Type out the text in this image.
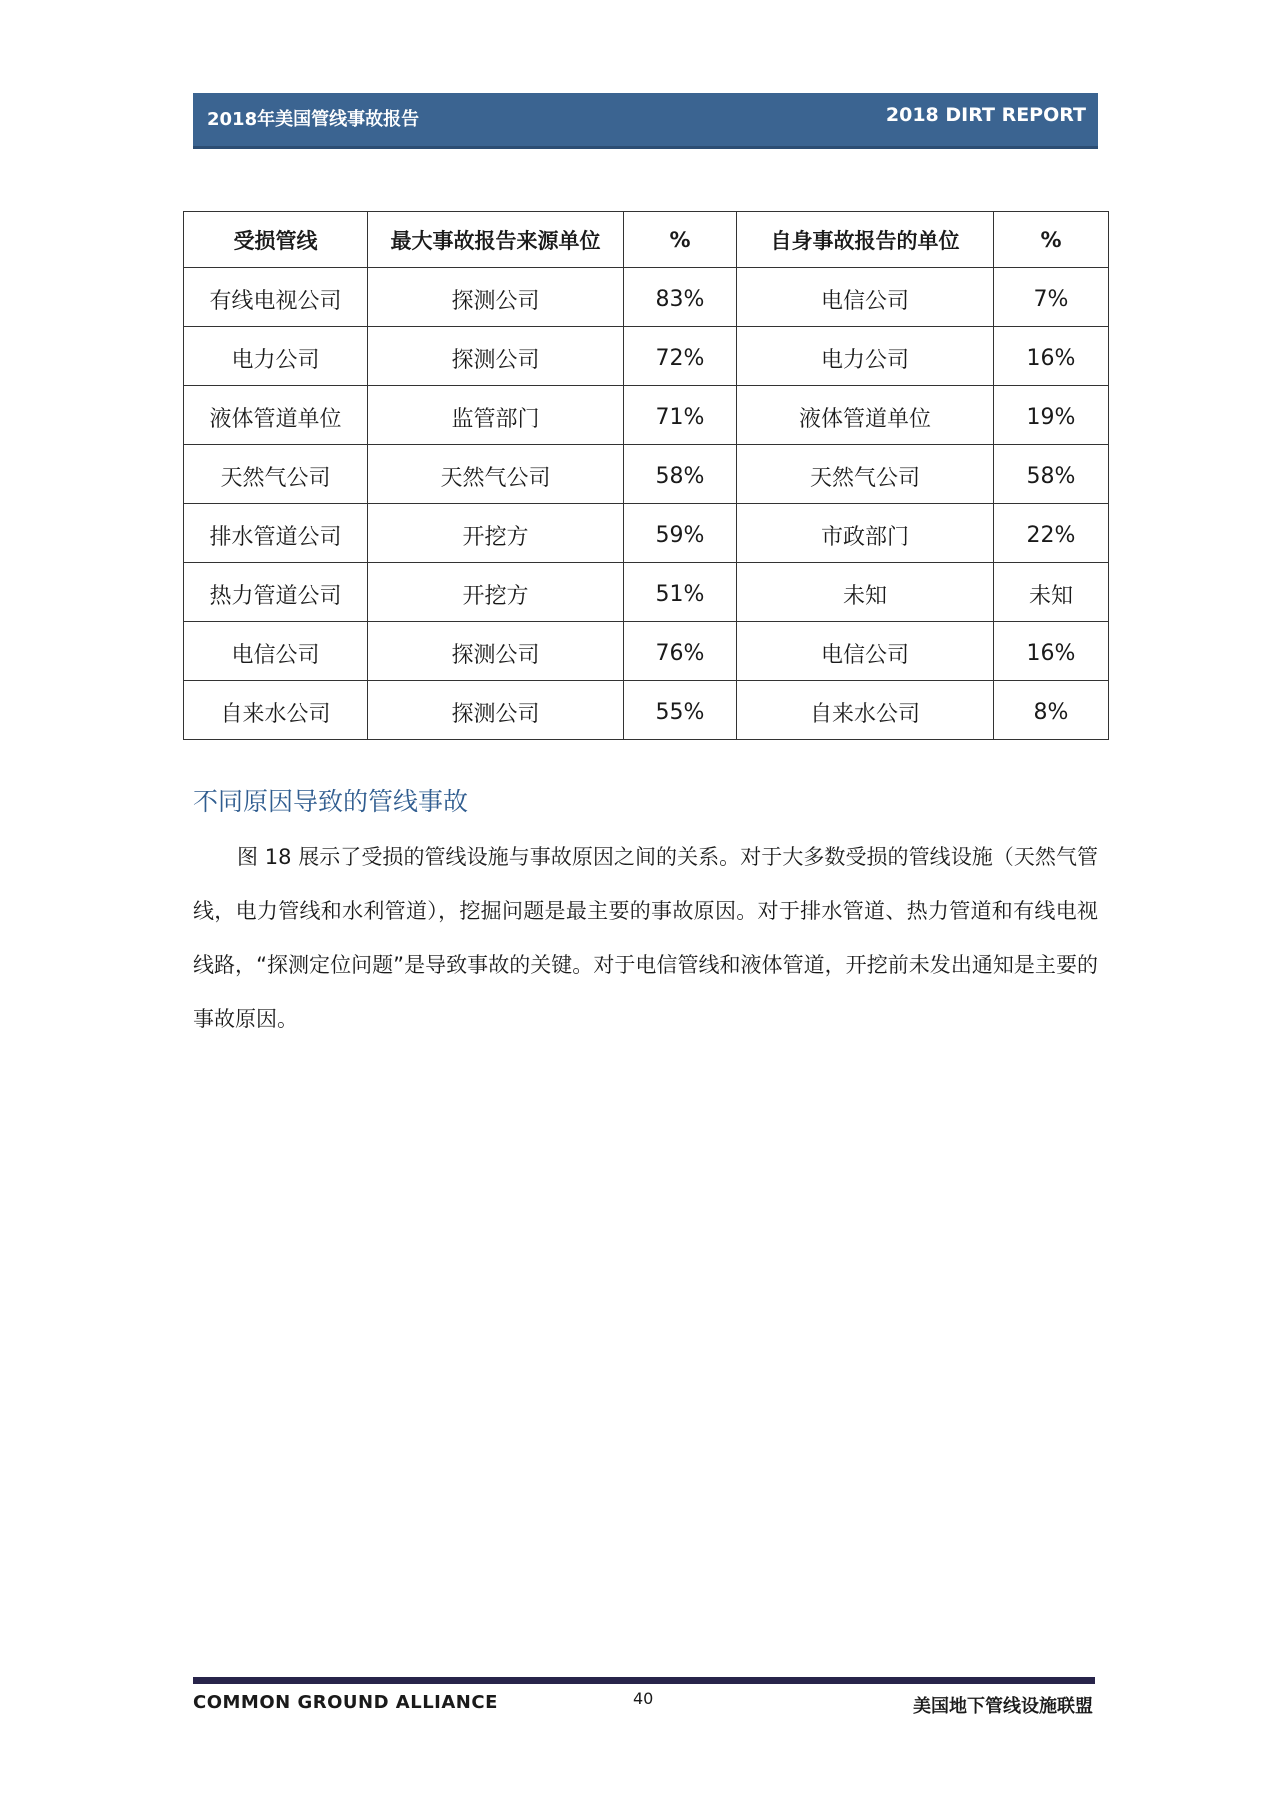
2018年美国管线事故报告	2018 DIRT REPORT
受损管线	最大事故报告来源单位	%	自身事故报告的单位	%
有线电视公司	探测公司	83%	电信公司	7%
电力公司	探测公司	72%	电力公司	16%
液体管道单位	监管部门	71%	液体管道单位	19%
天然气公司	天然气公司	58%	天然气公司	58%
排水管道公司	开挖方	59%	市政部门	22%
热力管道公司	开挖方	51%	未知	未知
电信公司	探测公司	76%	电信公司	16%
自来水公司	探测公司	55%	自来水公司	8%
不同原因导致的管线事故

图 18 展示了受损的管线设施与事故原因之间的关系。对于大多数受损的管线设施（天然气管线，电力管线和水利管道），挖掘问题是最主要的事故原因。对于排水管道、热力管道和有线电视线路，“探测定位问题”是导致事故的关键。对于电信管线和液体管道，开挖前未发出通知是主要的事故原因。

COMMON GROUND ALLIANCE	40	美国地下管线设施联盟
